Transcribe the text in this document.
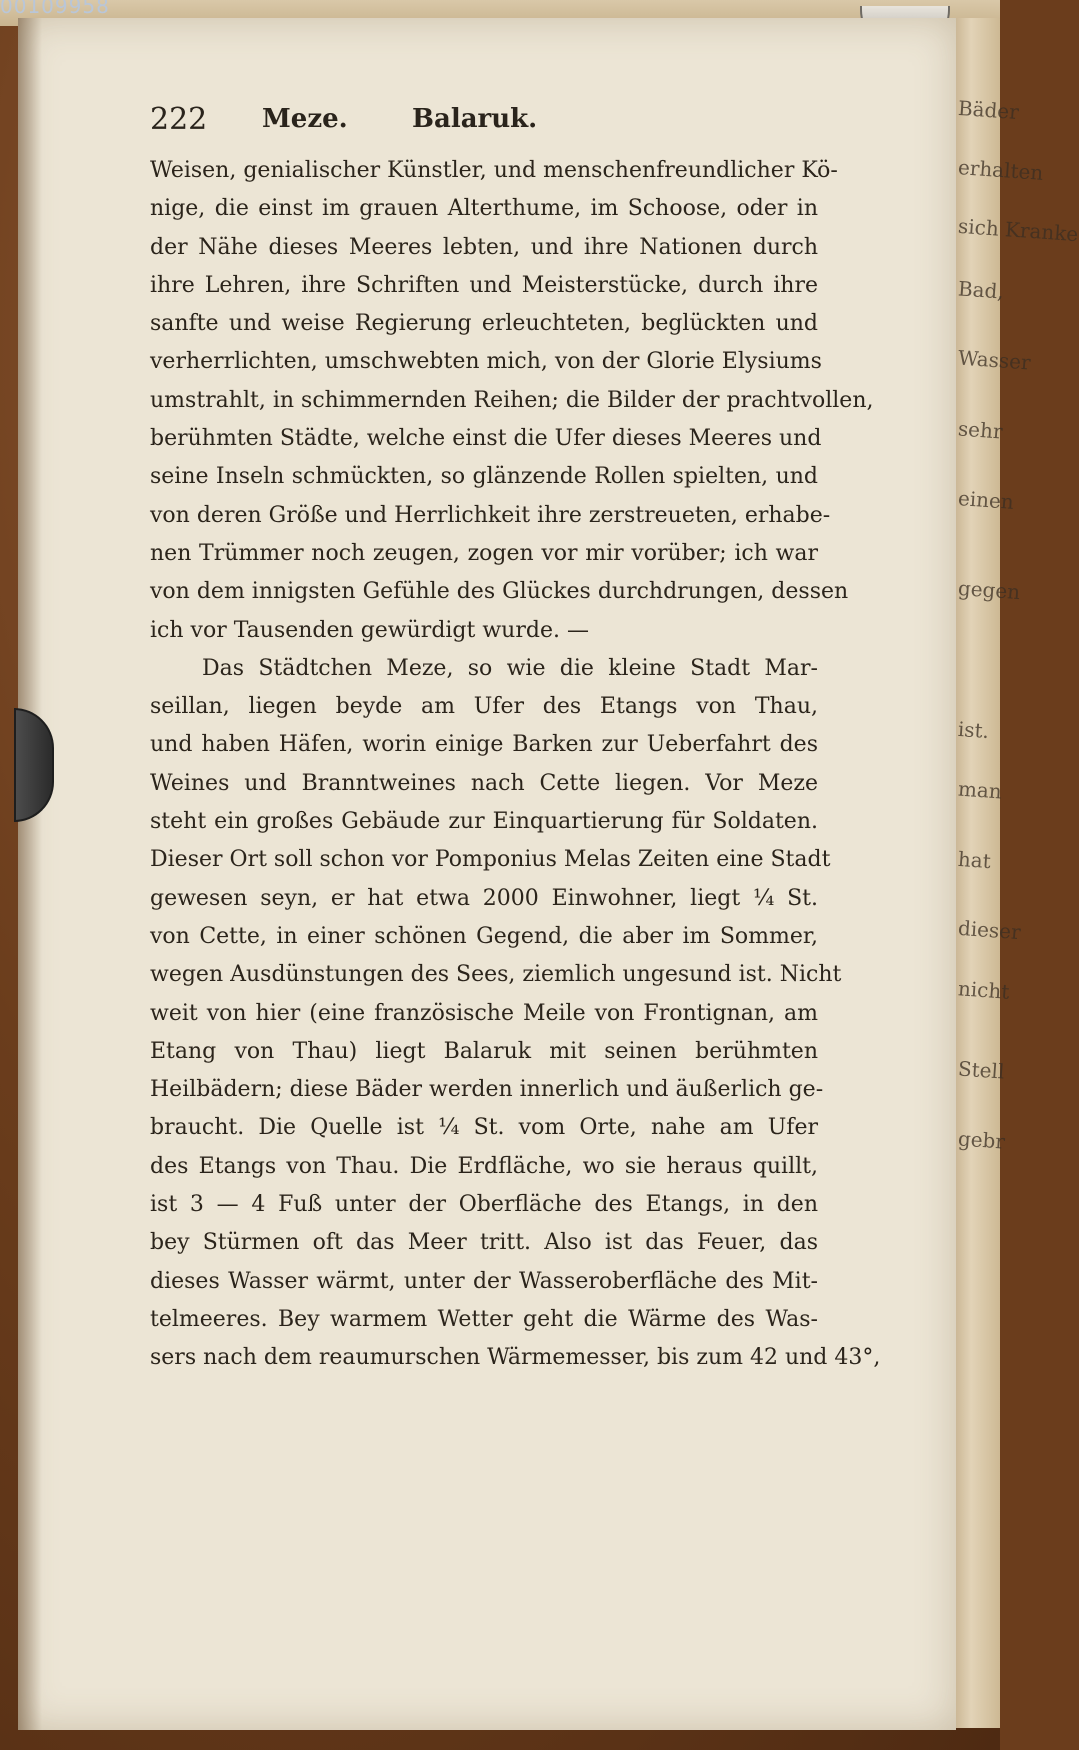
00109958
Bäder
erhalten
sich Kranke
Bad,
Wasser
sehr
einen
gegen
ist.
man
hat
dieser
nicht
Stell
gebr
222 Meze. Balaruk.
Weisen, genialischer Künstler, und menschenfreundlicher Kö-
nige, die einst im grauen Alterthume, im Schoose, oder in
der Nähe dieses Meeres lebten, und ihre Nationen durch
ihre Lehren, ihre Schriften und Meisterstücke, durch ihre
sanfte und weise Regierung erleuchteten, beglückten und
verherrlichten, umschwebten mich, von der Glorie Elysiums
umstrahlt, in schimmernden Reihen; die Bilder der prachtvollen,
berühmten Städte, welche einst die Ufer dieses Meeres und
seine Inseln schmückten, so glänzende Rollen spielten, und
von deren Größe und Herrlichkeit ihre zerstreueten, erhabe-
nen Trümmer noch zeugen, zogen vor mir vorüber; ich war
von dem innigsten Gefühle des Glückes durchdrungen, dessen
ich vor Tausenden gewürdigt wurde. —
Das Städtchen Meze, so wie die kleine Stadt Mar-
seillan, liegen beyde am Ufer des Etangs von Thau,
und haben Häfen, worin einige Barken zur Ueberfahrt des
Weines und Branntweines nach Cette liegen. Vor Meze
steht ein großes Gebäude zur Einquartierung für Soldaten.
Dieser Ort soll schon vor Pomponius Melas Zeiten eine Stadt
gewesen seyn, er hat etwa 2000 Einwohner, liegt ¼ St.
von Cette, in einer schönen Gegend, die aber im Sommer,
wegen Ausdünstungen des Sees, ziemlich ungesund ist. Nicht
weit von hier (eine französische Meile von Frontignan, am
Etang von Thau) liegt Balaruk mit seinen berühmten
Heilbädern; diese Bäder werden innerlich und äußerlich ge-
braucht. Die Quelle ist ¼ St. vom Orte, nahe am Ufer
des Etangs von Thau. Die Erdfläche, wo sie heraus quillt,
ist 3 — 4 Fuß unter der Oberfläche des Etangs, in den
bey Stürmen oft das Meer tritt. Also ist das Feuer, das
dieses Wasser wärmt, unter der Wasseroberfläche des Mit-
telmeeres. Bey warmem Wetter geht die Wärme des Was-
sers nach dem reaumurschen Wärmemesser, bis zum 42 und 43°,
